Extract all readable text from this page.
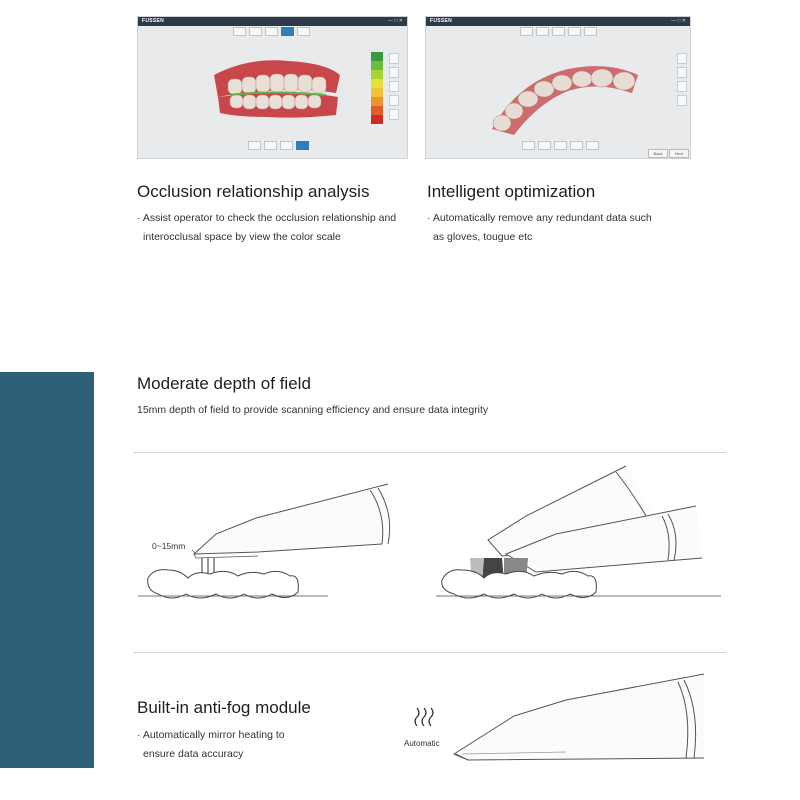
FUSSEN	— □ ✕	FUSSEN	— □ ✕
Back	Next
Occlusion relationship analysis
· Assist operator to check the occlusion relationship and
interocclusal space by view the color scale
Intelligent optimization
· Automatically remove any redundant data such
as gloves, tougue etc
Moderate depth of field
15mm depth of field to provide scanning efficiency and ensure data integrity
0~15mm
Built-in anti-fog module
· Automatically mirror heating to
ensure data accuracy
Automatic
